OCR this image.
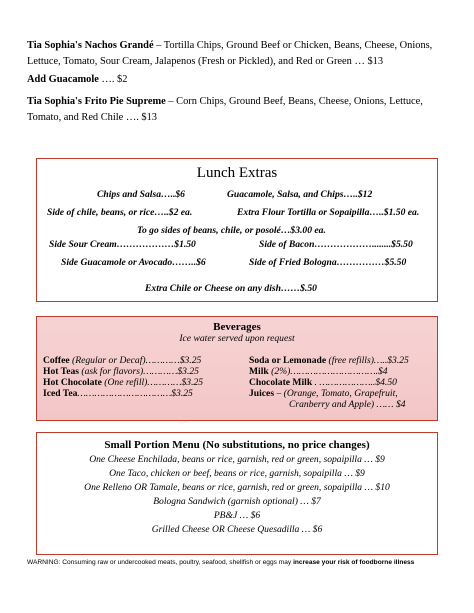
Tia Sophia's Nachos Grandé – Tortilla Chips, Ground Beef or Chicken, Beans, Cheese, Onions, Lettuce, Tomato, Sour Cream, Jalapenos (Fresh or Pickled), and Red or Green … $13
Add Guacamole …. $2
Tia Sophia's Frito Pie Supreme – Corn Chips, Ground Beef, Beans, Cheese, Onions, Lettuce, Tomato, and Red Chile …. $13
Lunch Extras
Chips and Salsa…..$6	Guacamole, Salsa, and Chips…..$12
Side of chile, beans, or rice…..$2 ea.	Extra Flour Tortilla or Sopaipilla…..$1.50 ea.
To go sides of beans, chile, or posolé…$3.00 ea.
Side Sour Cream………………$1.50	Side of Bacon………………........$5.50
Side Guacamole or Avocado……..$6	Side of Fried Bologna……………$5.50
Extra Chile or Cheese on any dish……$.50
Beverages
Ice water served upon request
Coffee (Regular or Decaf)…………$3.25
Hot Teas (ask for flavors)…………$3.25
Hot Chocolate (One refill)…………$3.25
Iced Tea……………………………$3.25
Soda or Lemonade (free refills)…..$3.25
Milk (2%)………………………….$4
Chocolate Milk . ………………..$4.50
Juices – (Orange, Tomato, Grapefruit,
Cranberry and Apple) …… $4
Small Portion Menu (No substitutions, no price changes)
One Cheese Enchilada, beans or rice, garnish, red or green, sopaipilla … $9
One Taco, chicken or beef, beans or rice, garnish, sopaipilla … $9
One Relleno OR Tamale, beans or rice, garnish, red or green, sopaipilla … $10
Bologna Sandwich (garnish optional) … $7
PB&J … $6
Grilled Cheese OR Cheese Quesadilla … $6
WARNING: Consuming raw or undercooked meats, poultry, seafood, shellfish or eggs may increase your risk of foodborne illness
